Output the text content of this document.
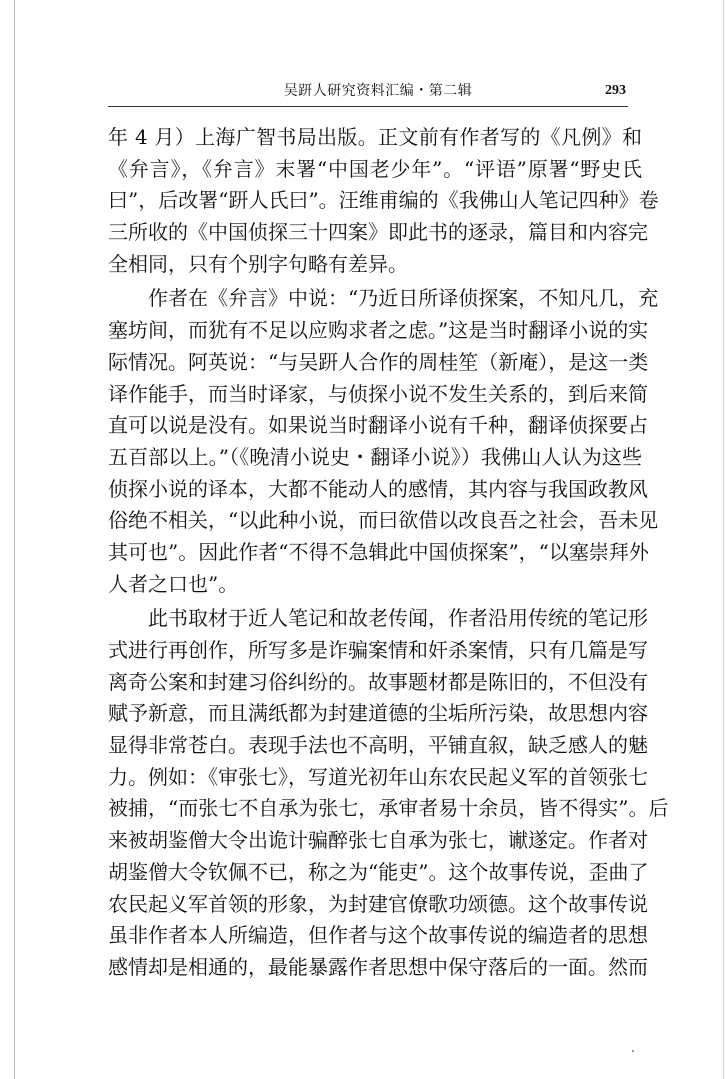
吴趼人研究资料汇编・第二辑	293
年 4 月）上海广智书局出版。正文前有作者写的《凡例》和
《弁言》，《弁言》末署“中国老少年”。“评语”原署“野史氏
曰”，后改署“趼人氏曰”。汪维甫编的《我佛山人笔记四种》卷
三所收的《中国侦探三十四案》即此书的逐录，篇目和内容完
全相同，只有个别字句略有差异。
作者在《弁言》中说：“乃近日所译侦探案，不知凡几，充
塞坊间，而犹有不足以应购求者之虑。”这是当时翻译小说的实
际情况。阿英说：“与吴趼人合作的周桂笙（新庵），是这一类
译作能手，而当时译家，与侦探小说不发生关系的，到后来简
直可以说是没有。如果说当时翻译小说有千种，翻译侦探要占
五百部以上。”（《晚清小说史・翻译小说》）我佛山人认为这些
侦探小说的译本，大都不能动人的感情，其内容与我国政教风
俗绝不相关，“以此种小说，而曰欲借以改良吾之社会，吾未见
其可也”。因此作者“不得不急辑此中国侦探案”，“以塞崇拜外
人者之口也”。
此书取材于近人笔记和故老传闻，作者沿用传统的笔记形
式进行再创作，所写多是诈骗案情和奸杀案情，只有几篇是写
离奇公案和封建习俗纠纷的。故事题材都是陈旧的，不但没有
赋予新意，而且满纸都为封建道德的尘垢所污染，故思想内容
显得非常苍白。表现手法也不高明，平铺直叙，缺乏感人的魅
力。例如：《审张七》，写道光初年山东农民起义军的首领张七
被捕，“而张七不自承为张七，承审者易十余员，皆不得实”。后
来被胡鉴僧大令出诡计骗醉张七自承为张七，谳遂定。作者对
胡鉴僧大令钦佩不已，称之为“能吏”。这个故事传说，歪曲了
农民起义军首领的形象，为封建官僚歌功颂德。这个故事传说
虽非作者本人所编造，但作者与这个故事传说的编造者的思想
感情却是相通的，最能暴露作者思想中保守落后的一面。然而
